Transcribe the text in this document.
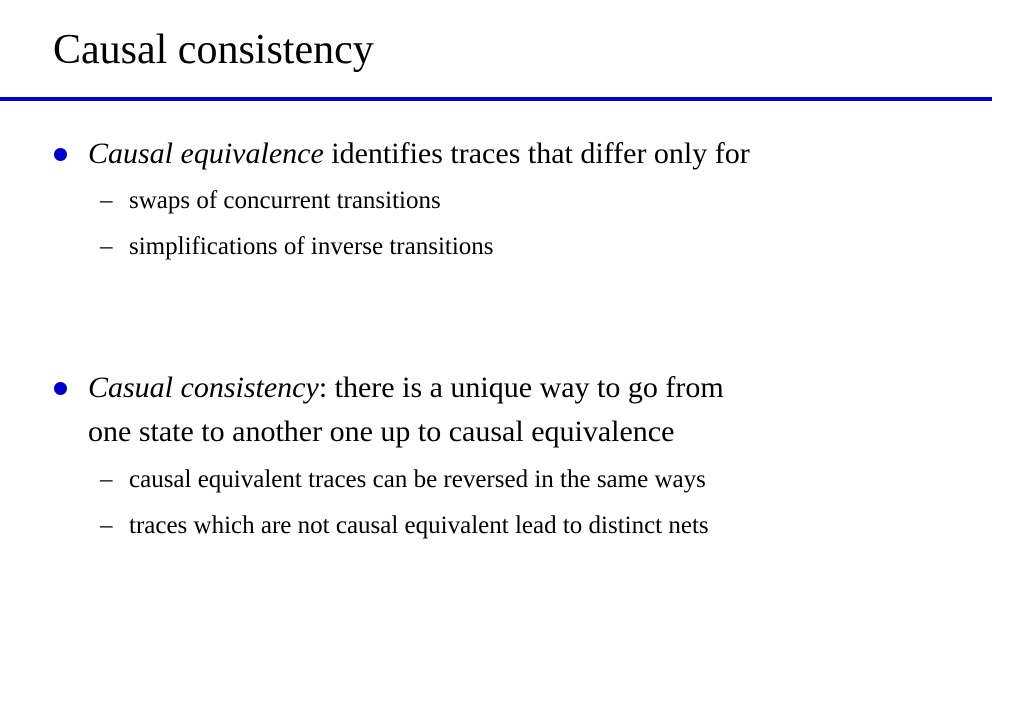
Causal consistency
Causal equivalence identifies traces that differ only for
– swaps of concurrent transitions
– simplifications of inverse transitions
Casual consistency: there is a unique way to go from
one state to another one up to causal equivalence
– causal equivalent traces can be reversed in the same ways
– traces which are not causal equivalent lead to distinct nets
